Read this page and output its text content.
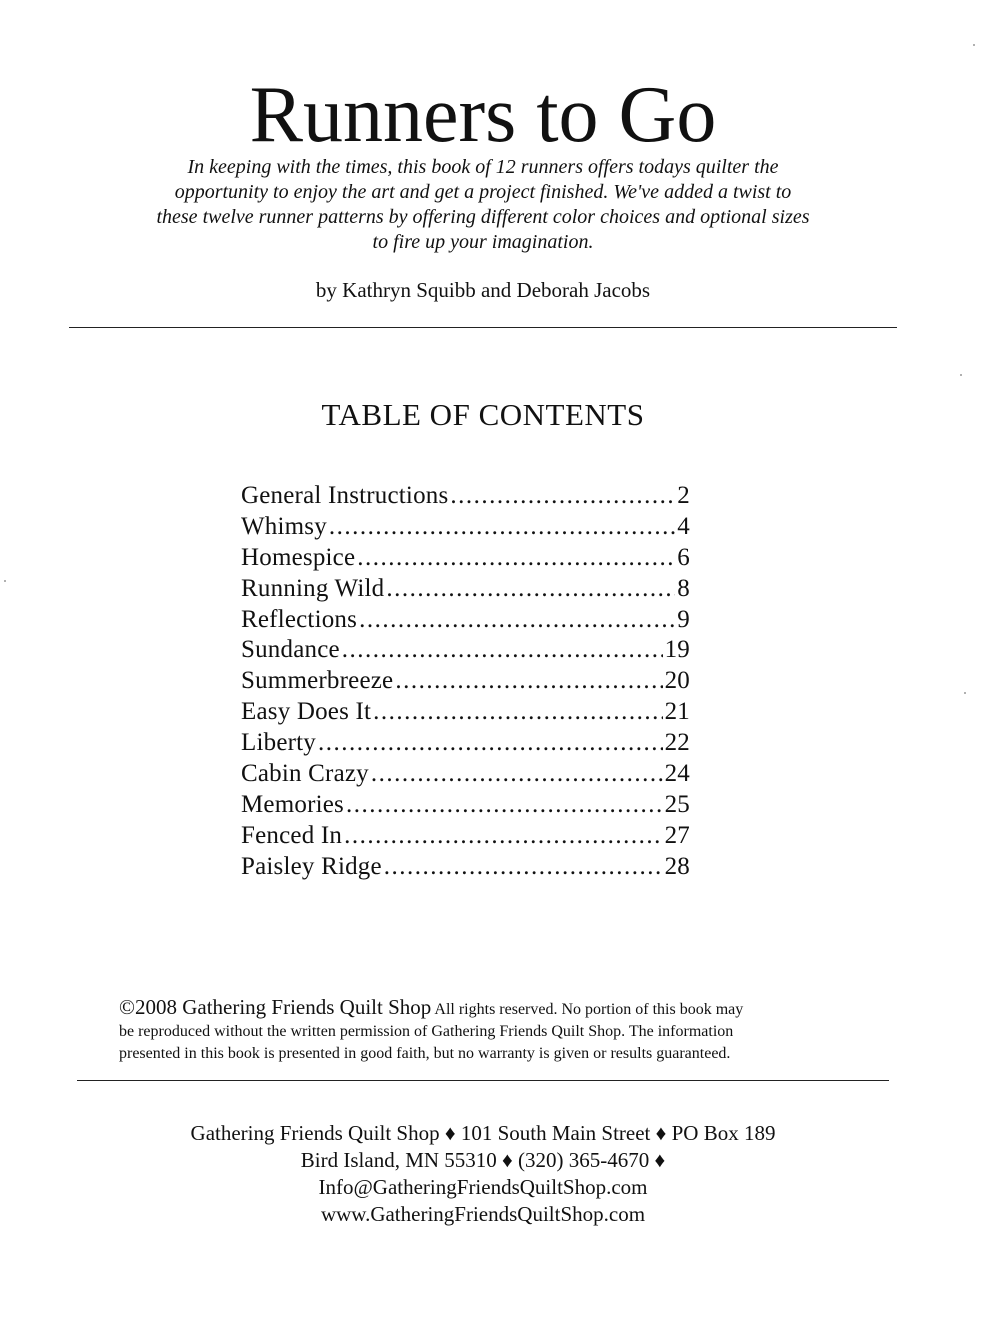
Runners to Go

In keeping with the times, this book of 12 runners offers todays quilter the
opportunity to enjoy the art and get a project finished. We've added a twist to
these twelve runner patterns by offering different color choices and optional sizes
to fire up your imagination.

by Kathryn Squibb and Deborah Jacobs

TABLE OF CONTENTS
General Instructions .....	2
Whimsy .....	4
Homespice .....	6
Running Wild .....	8
Reflections .....	9
Sundance .....	19
Summerbreeze .....	20
Easy Does It .....	21
Liberty .....	22
Cabin Crazy .....	24
Memories .....	25
Fenced In .....	27
Paisley Ridge .....	28

©2008 Gathering Friends Quilt Shop All rights reserved. No portion of this book may
be reproduced without the written permission of Gathering Friends Quilt Shop. The information
presented in this book is presented in good faith, but no warranty is given or results guaranteed.

Gathering Friends Quilt Shop ♦ 101 South Main Street ♦ PO Box 189
Bird Island, MN 55310 ♦ (320) 365-4670 ♦
Info@GatheringFriendsQuiltShop.com
www.GatheringFriendsQuiltShop.com
